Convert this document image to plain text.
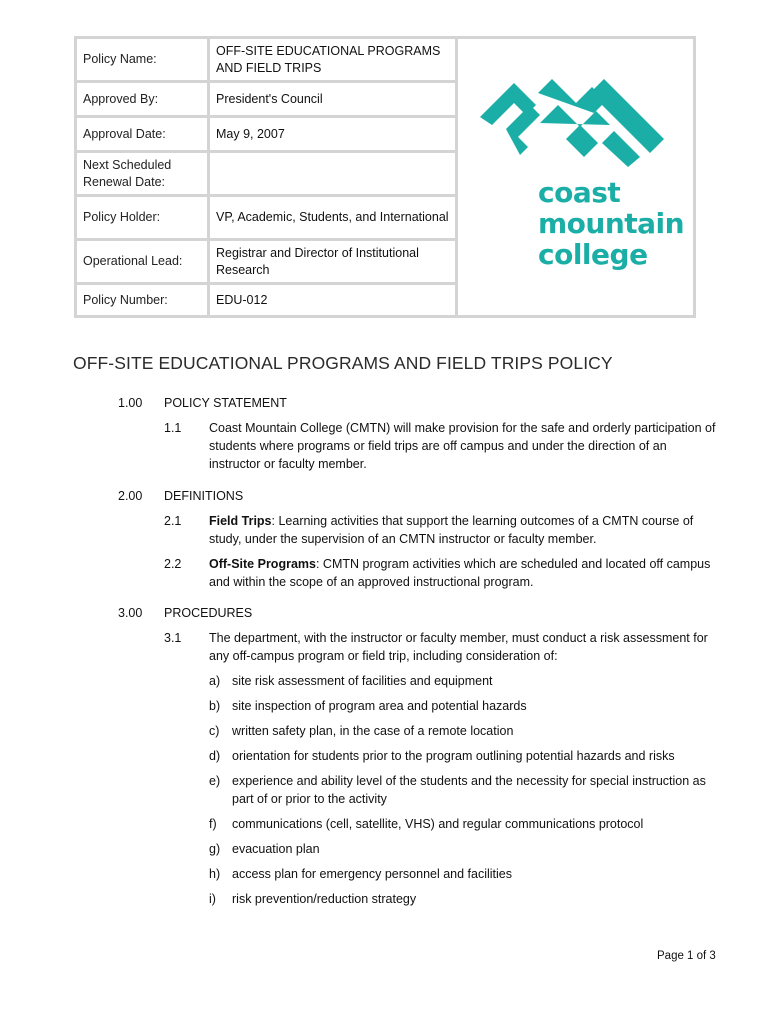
Policy Name:
OFF-SITE EDUCATIONAL PROGRAMS AND FIELD TRIPS
Approved By:	President's Council
Approval Date:	May 9, 2007
Next Scheduled Renewal Date:
Policy Holder:	VP, Academic, Students, and International
Operational Lead:
Registrar and Director of Institutional Research
Policy Number:	EDU-012
coast
mountain
college
OFF-SITE EDUCATIONAL PROGRAMS AND FIELD TRIPS POLICY
1.00 POLICY STATEMENT
1.1 Coast Mountain College (CMTN) will make provision for the safe and orderly participation of students where programs or field trips are off campus and under the direction of an instructor or faculty member.
2.00 DEFINITIONS
2.1 Field Trips: Learning activities that support the learning outcomes of a CMTN course of study, under the supervision of an CMTN instructor or faculty member.
2.2 Off-Site Programs: CMTN program activities which are scheduled and located off campus and within the scope of an approved instructional program.
3.00 PROCEDURES
3.1 The department, with the instructor or faculty member, must conduct a risk assessment for any off-campus program or field trip, including consideration of:
a) site risk assessment of facilities and equipment
b) site inspection of program area and potential hazards
c) written safety plan, in the case of a remote location
d) orientation for students prior to the program outlining potential hazards and risks
e) experience and ability level of the students and the necessity for special instruction as part of or prior to the activity
f) communications (cell, satellite, VHS) and regular communications protocol
g) evacuation plan
h) access plan for emergency personnel and facilities
i) risk prevention/reduction strategy
Page 1 of 3
